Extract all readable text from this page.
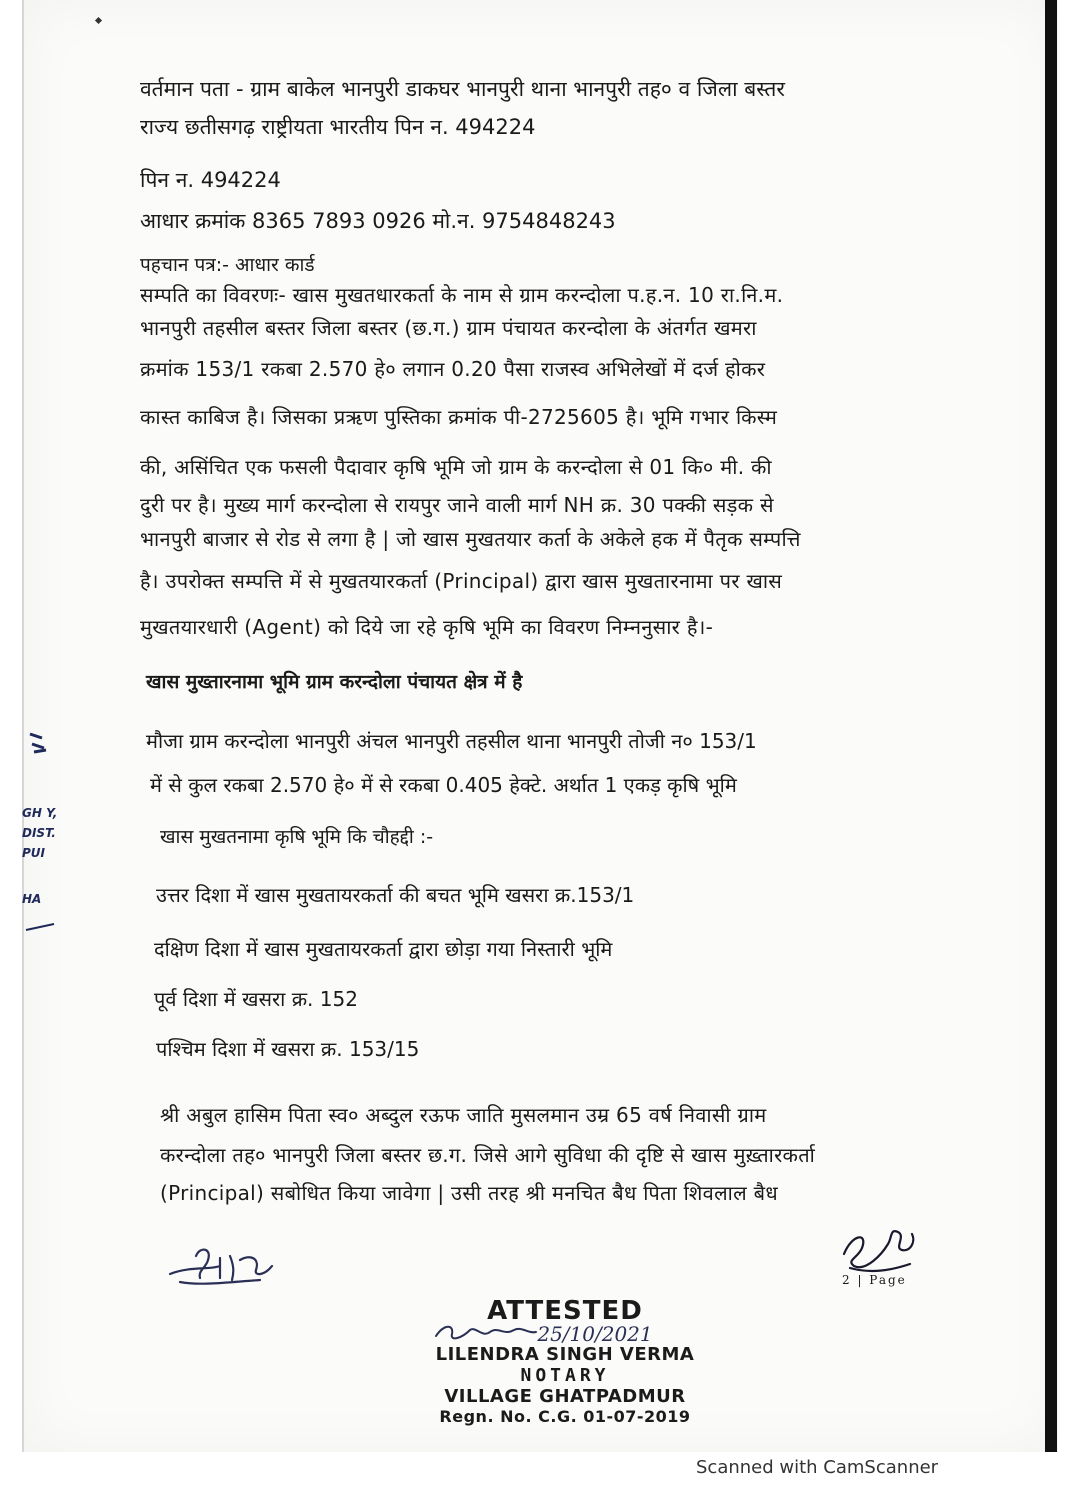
वर्तमान पता - ग्राम बाकेल भानपुरी डाकघर भानपुरी थाना भानपुरी तह० व जिला बस्तर
राज्य छतीसगढ़ राष्ट्रीयता भारतीय पिन न. 494224
पिन न. 494224
आधार क्रमांक 8365 7893 0926 मो.न. 9754848243
पहचान पत्र:- आधार कार्ड
सम्पति का विवरणः- खास मुखतधारकर्ता के नाम से ग्राम करन्दोला प.ह.न. 10 रा.नि.म.
भानपुरी तहसील बस्तर जिला बस्तर (छ.ग.) ग्राम पंचायत करन्दोला के अंतर्गत खमरा
क्रमांक 153/1 रकबा 2.570 हे० लगान 0.20 पैसा राजस्व अभिलेखों में दर्ज होकर
कास्त काबिज है। जिसका प्रऋण पुस्तिका क्रमांक पी-2725605 है। भूमि गभार किस्म
की, असिंचित एक फसली पैदावार कृषि भूमि जो ग्राम के करन्दोला से 01 कि० मी. की
दुरी पर है। मुख्य मार्ग करन्दोला से रायपुर जाने वाली मार्ग NH क्र. 30 पक्की सड़क से
भानपुरी बाजार से रोड से लगा है | जो खास मुखतयार कर्ता के अकेले हक में पैतृक सम्पत्ति
है। उपरोक्त सम्पत्ति में से मुखतयारकर्ता (Principal) द्वारा खास मुखतारनामा पर खास
मुखतयारधारी (Agent) को दिये जा रहे कृषि भूमि का विवरण निम्ननुसार है।-
खास मुख्तारनामा भूमि ग्राम करन्दोला पंचायत क्षेत्र में है
मौजा ग्राम करन्दोला भानपुरी अंचल भानपुरी तहसील थाना भानपुरी तोजी न० 153/1
में से कुल रकबा 2.570 हे० में से रकबा 0.405 हेक्टे. अर्थात 1 एकड़ कृषि भूमि
खास मुखतनामा कृषि भूमि कि चौहद्दी :-
उत्तर दिशा में खास मुखतायरकर्ता की बचत भूमि खसरा क्र.153/1
दक्षिण दिशा में खास मुखतायरकर्ता द्वारा छोड़ा गया निस्तारी भूमि
पूर्व दिशा में खसरा क्र. 152
पश्चिम दिशा में खसरा क्र. 153/15
श्री अबुल हासिम पिता स्व० अब्दुल रऊफ जाति मुसलमान उम्र 65 वर्ष निवासी ग्राम
करन्दोला तह० भानपुरी जिला बस्तर छ.ग. जिसे आगे सुविधा की दृष्टि से खास मुख़्तारकर्ता
(Principal) सबोधित किया जावेगा | उसी तरह श्री मनचित बैध पिता शिवलाल बैध
GH Y,
DIST.
PUI
HA
2 | Page
ATTESTED
25/10/2021
LILENDRA SINGH VERMA
NOTARY
VILLAGE GHATPADMUR
Regn. No. C.G. 01-07-2019
Scanned with CamScanner
